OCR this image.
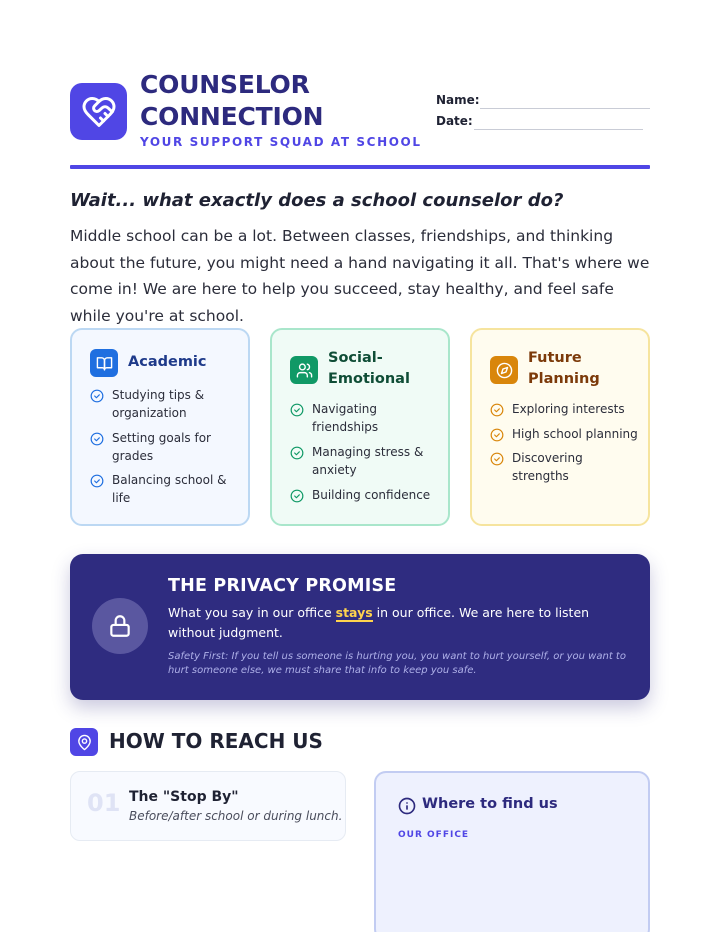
COUNSELOR
CONNECTION
YOUR SUPPORT SQUAD AT SCHOOL
Name:
Date:
Wait... what exactly does a school counselor do?
Middle school can be a lot. Between classes, friendships, and thinking about the future, you might need a hand navigating it all. That's where we come in! We are here to help you succeed, stay healthy, and feel safe while you're at school.
Academic
Studying tips & organization
Setting goals for grades
Balancing school & life
Social-Emotional
Navigating friendships
Managing stress & anxiety
Building confidence
Future Planning
Exploring interests
High school planning
Discovering strengths
THE PRIVACY PROMISE
What you say in our office stays in our office. We are here to listen without judgment.
Safety First: If you tell us someone is hurting you, you want to hurt yourself, or you want to hurt someone else, we must share that info to keep you safe.
HOW TO REACH US
01 The "Stop By"
Before/after school or during lunch.
Where to find us
OUR OFFICE
